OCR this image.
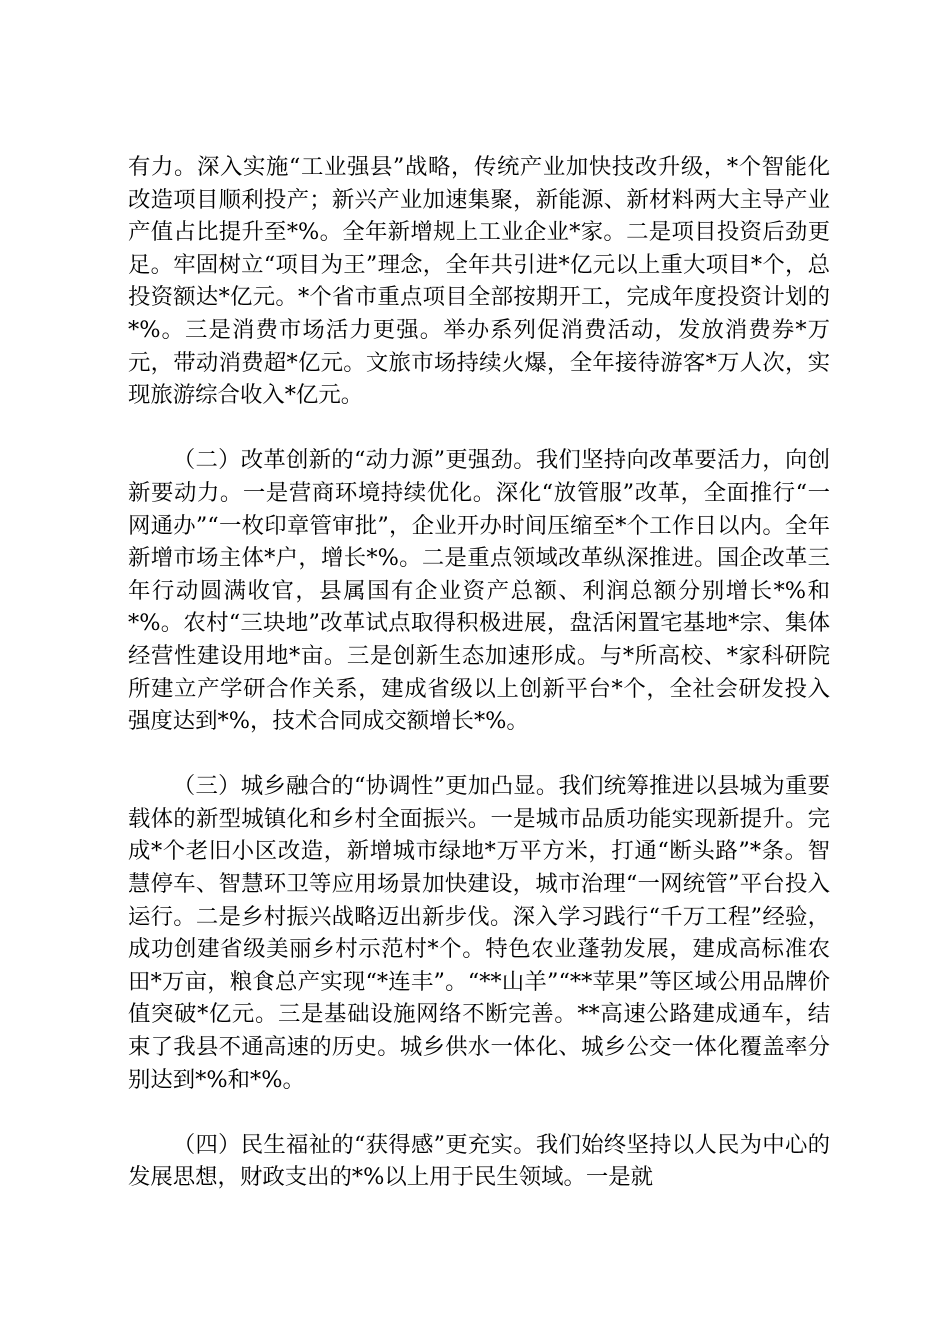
有力。深入实施“工业强县”战略，传统产业加快技改升级，*个智能化改造项目顺利投产；新兴产业加速集聚，新能源、新材料两大主导产业产值占比提升至*%。全年新增规上工业企业*家。二是项目投资后劲更足。牢固树立“项目为王”理念，全年共引进*亿元以上重大项目*个，总投资额达*亿元。*个省市重点项目全部按期开工，完成年度投资计划的*%。三是消费市场活力更强。举办系列促消费活动，发放消费券*万元，带动消费超*亿元。文旅市场持续火爆，全年接待游客*万人次，实现旅游综合收入*亿元。

（二）改革创新的“动力源”更强劲。我们坚持向改革要活力，向创新要动力。一是营商环境持续优化。深化“放管服”改革，全面推行“一网通办”“一枚印章管审批”，企业开办时间压缩至*个工作日以内。全年新增市场主体*户，增长*%。二是重点领域改革纵深推进。国企改革三年行动圆满收官，县属国有企业资产总额、利润总额分别增长*%和*%。农村“三块地”改革试点取得积极进展，盘活闲置宅基地*宗、集体经营性建设用地*亩。三是创新生态加速形成。与*所高校、*家科研院所建立产学研合作关系，建成省级以上创新平台*个，全社会研发投入强度达到*%，技术合同成交额增长*%。

（三）城乡融合的“协调性”更加凸显。我们统筹推进以县城为重要载体的新型城镇化和乡村全面振兴。一是城市品质功能实现新提升。完成*个老旧小区改造，新增城市绿地*万平方米，打通“断头路”*条。智慧停车、智慧环卫等应用场景加快建设，城市治理“一网统管”平台投入运行。二是乡村振兴战略迈出新步伐。深入学习践行“千万工程”经验，成功创建省级美丽乡村示范村*个。特色农业蓬勃发展，建成高标准农田*万亩，粮食总产实现“*连丰”。“**山羊”“**苹果”等区域公用品牌价值突破*亿元。三是基础设施网络不断完善。**高速公路建成通车，结束了我县不通高速的历史。城乡供水一体化、城乡公交一体化覆盖率分别达到*%和*%。

（四）民生福祉的“获得感”更充实。我们始终坚持以人民为中心的发展思想，财政支出的*%以上用于民生领域。一是就
